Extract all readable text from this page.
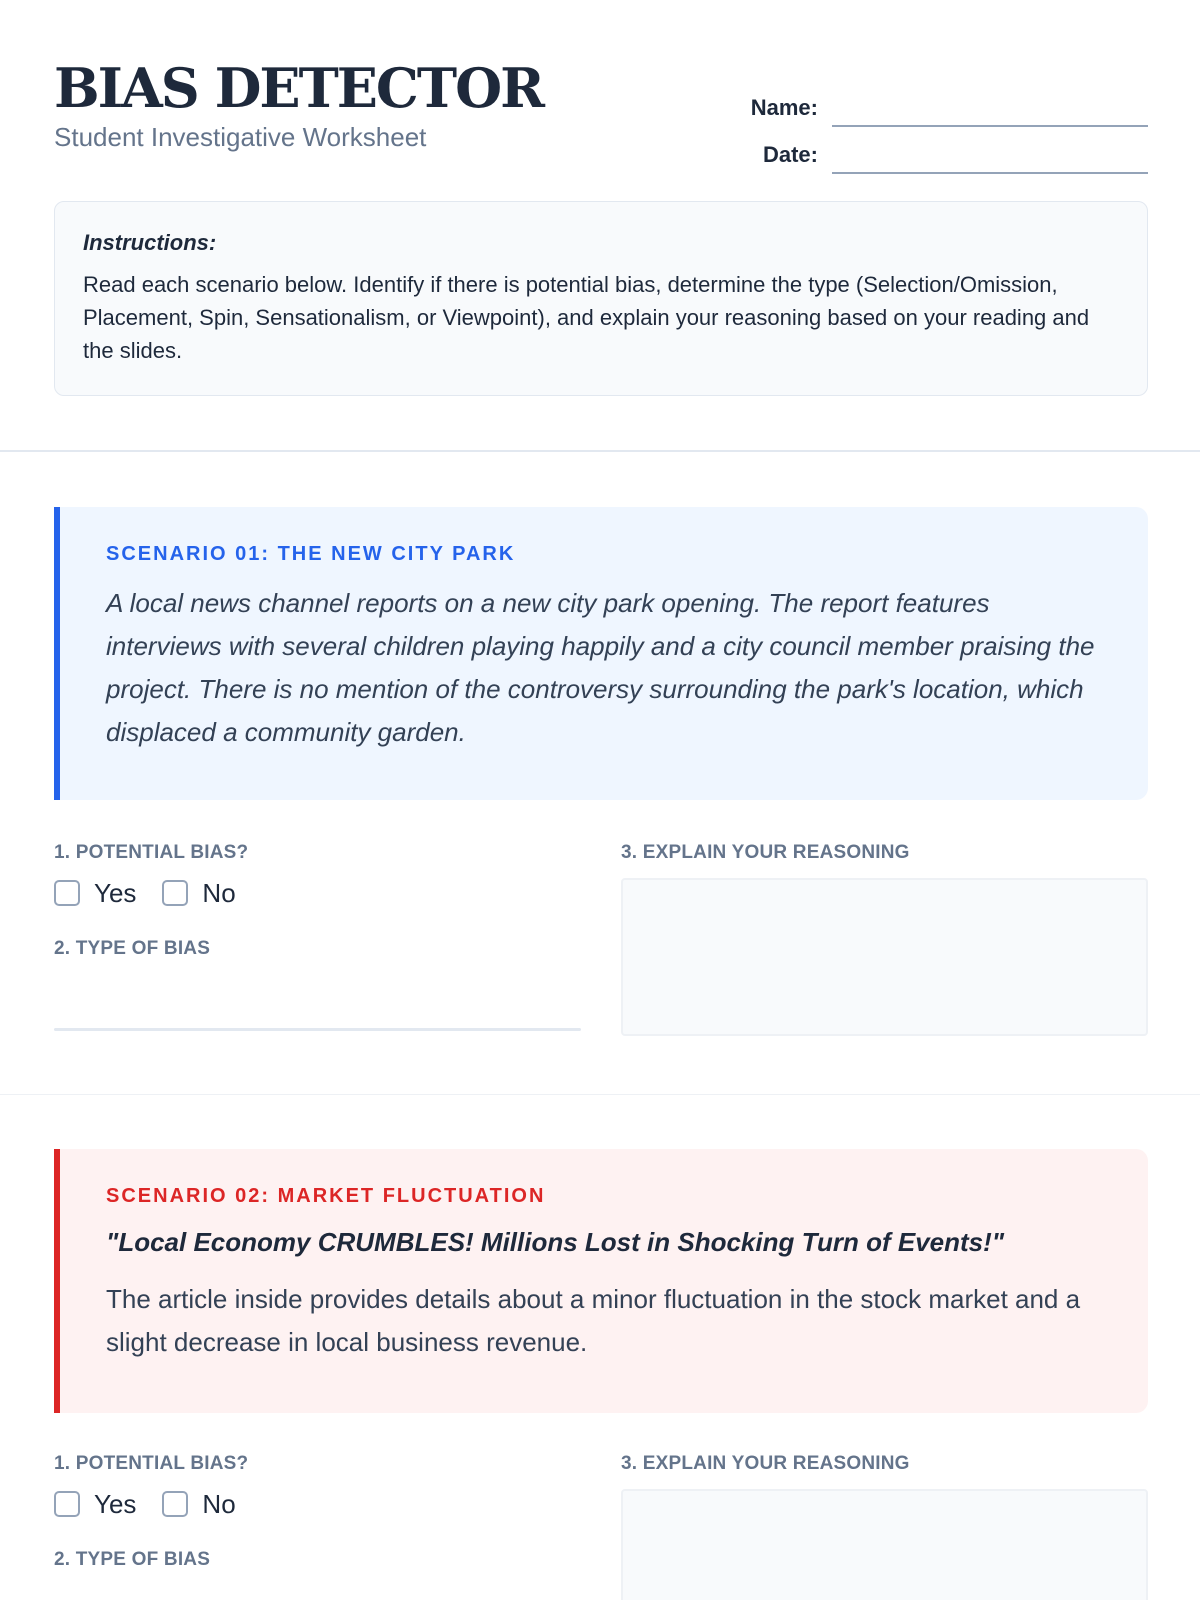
BIAS DETECTOR
Student Investigative Worksheet
Name:
Date:
Instructions:
Read each scenario below. Identify if there is potential bias, determine the type (Selection/Omission, Placement, Spin, Sensationalism, or Viewpoint), and explain your reasoning based on your reading and the slides.
SCENARIO 01: THE NEW CITY PARK
A local news channel reports on a new city park opening. The report features interviews with several children playing happily and a city council member praising the project. There is no mention of the controversy surrounding the park's location, which displaced a community garden.
1. POTENTIAL BIAS?
Yes	No
2. TYPE OF BIAS
3. EXPLAIN YOUR REASONING
SCENARIO 02: MARKET FLUCTUATION
"Local Economy CRUMBLES! Millions Lost in Shocking Turn of Events!"
The article inside provides details about a minor fluctuation in the stock market and a slight decrease in local business revenue.
1. POTENTIAL BIAS?
Yes	No
2. TYPE OF BIAS
3. EXPLAIN YOUR REASONING
